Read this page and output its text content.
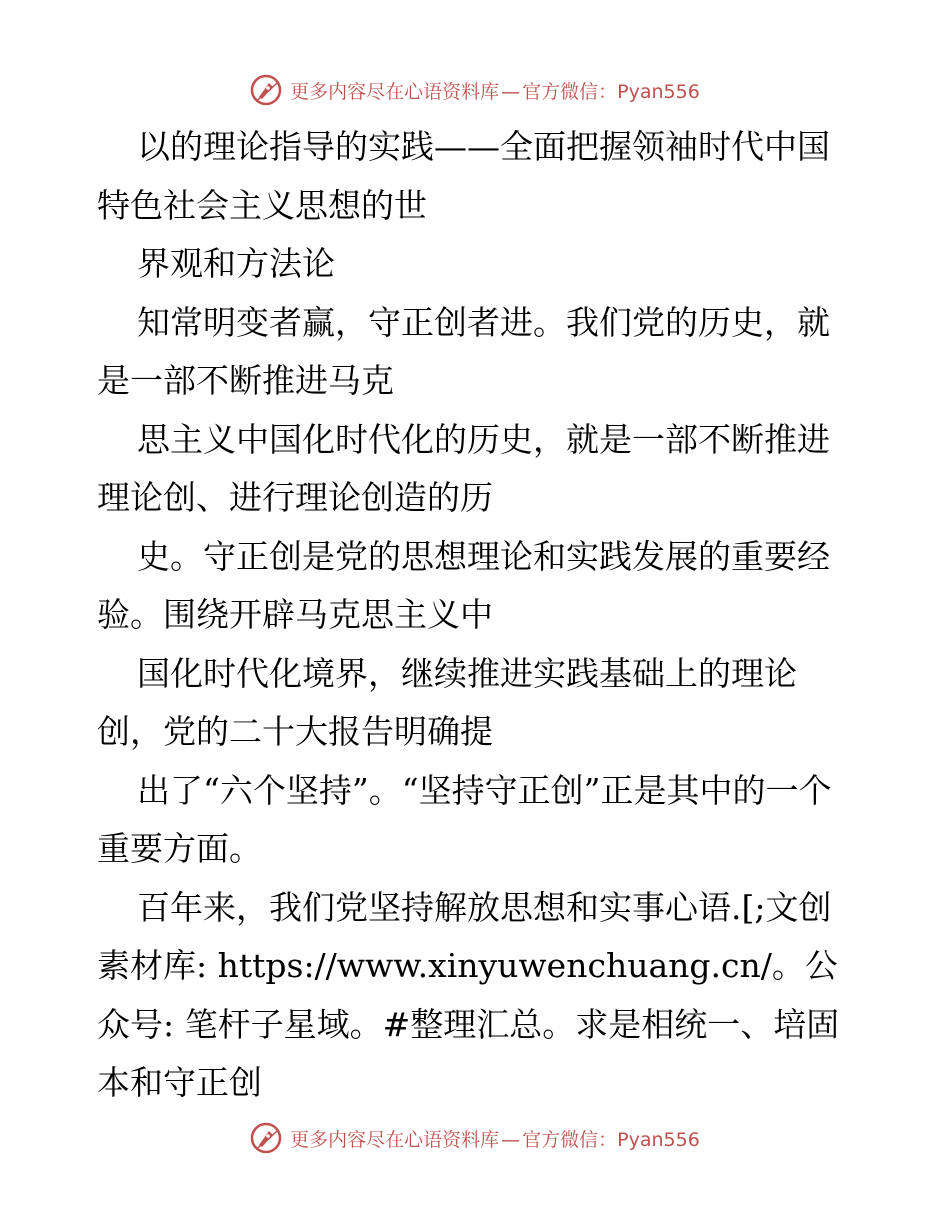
更多内容尽在心语资料库 — 官方微信：Pyan556

以的理论指导的实践——全面把握领袖时代中国特色社会主义思想的世

界观和方法论

知常明变者赢，守正创者进。我们党的历史，就是一部不断推进马克

思主义中国化时代化的历史，就是一部不断推进理论创、进行理论创造的历

史。守正创是党的思想理论和实践发展的重要经验。围绕开辟马克思主义中

国化时代化境界，继续推进实践基础上的理论创，党的二十大报告明确提

出了“六个坚持”。“坚持守正创”正是其中的一个重要方面。

百年来，我们党坚持解放思想和实事心语.[;文创素材库: https://www.xinyuwenchuang.cn/。公众号: 笔杆子星域。#整理汇总。求是相统一、培固本和守正创

更多内容尽在心语资料库 — 官方微信：Pyan556
